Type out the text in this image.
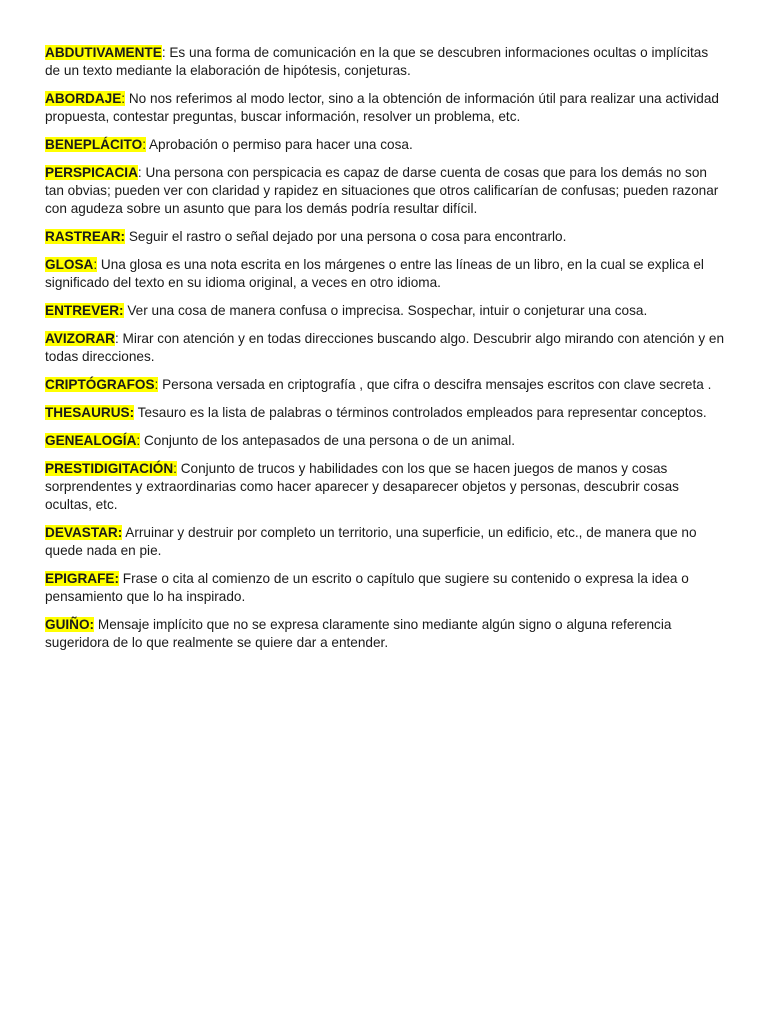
ABDUTIVAMENTE: Es una forma de comunicación en la que se descubren informaciones ocultas o implícitas de un texto mediante la elaboración de hipótesis, conjeturas.

ABORDAJE: No nos referimos al modo lector, sino a la obtención de información útil para realizar una actividad propuesta, contestar preguntas, buscar información, resolver un problema, etc.

BENEPLÁCITO: Aprobación o permiso para hacer una cosa.

PERSPICACIA: Una persona con perspicacia es capaz de darse cuenta de cosas que para los demás no son tan obvias; pueden ver con claridad y rapidez en situaciones que otros calificarían de confusas; pueden razonar con agudeza sobre un asunto que para los demás podría resultar difícil.

RASTREAR: Seguir el rastro o señal dejado por una persona o cosa para encontrarlo.

GLOSA: Una glosa es una nota escrita en los márgenes o entre las líneas de un libro, en la cual se explica el significado del texto en su idioma original, a veces en otro idioma.

ENTREVER: Ver una cosa de manera confusa o imprecisa. Sospechar, intuir o conjeturar una cosa.

AVIZORAR: Mirar con atención y en todas direcciones buscando algo. Descubrir algo mirando con atención y en todas direcciones.

CRIPTÓGRAFOS: Persona versada en criptografía , que cifra o descifra mensajes escritos con clave secreta .

THESAURUS: Tesauro es la lista de palabras o términos controlados empleados para representar conceptos.

GENEALOGÍA: Conjunto de los antepasados de una persona o de un animal.

PRESTIDIGITACIÓN: Conjunto de trucos y habilidades con los que se hacen juegos de manos y cosas sorprendentes y extraordinarias como hacer aparecer y desaparecer objetos y personas, descubrir cosas ocultas, etc.

DEVASTAR: Arruinar y destruir por completo un territorio, una superficie, un edificio, etc., de manera que no quede nada en pie.

EPIGRAFE: Frase o cita al comienzo de un escrito o capítulo que sugiere su contenido o expresa la idea o pensamiento que lo ha inspirado.

GUIÑO: Mensaje implícito que no se expresa claramente sino mediante algún signo o alguna referencia sugeridora de lo que realmente se quiere dar a entender.
